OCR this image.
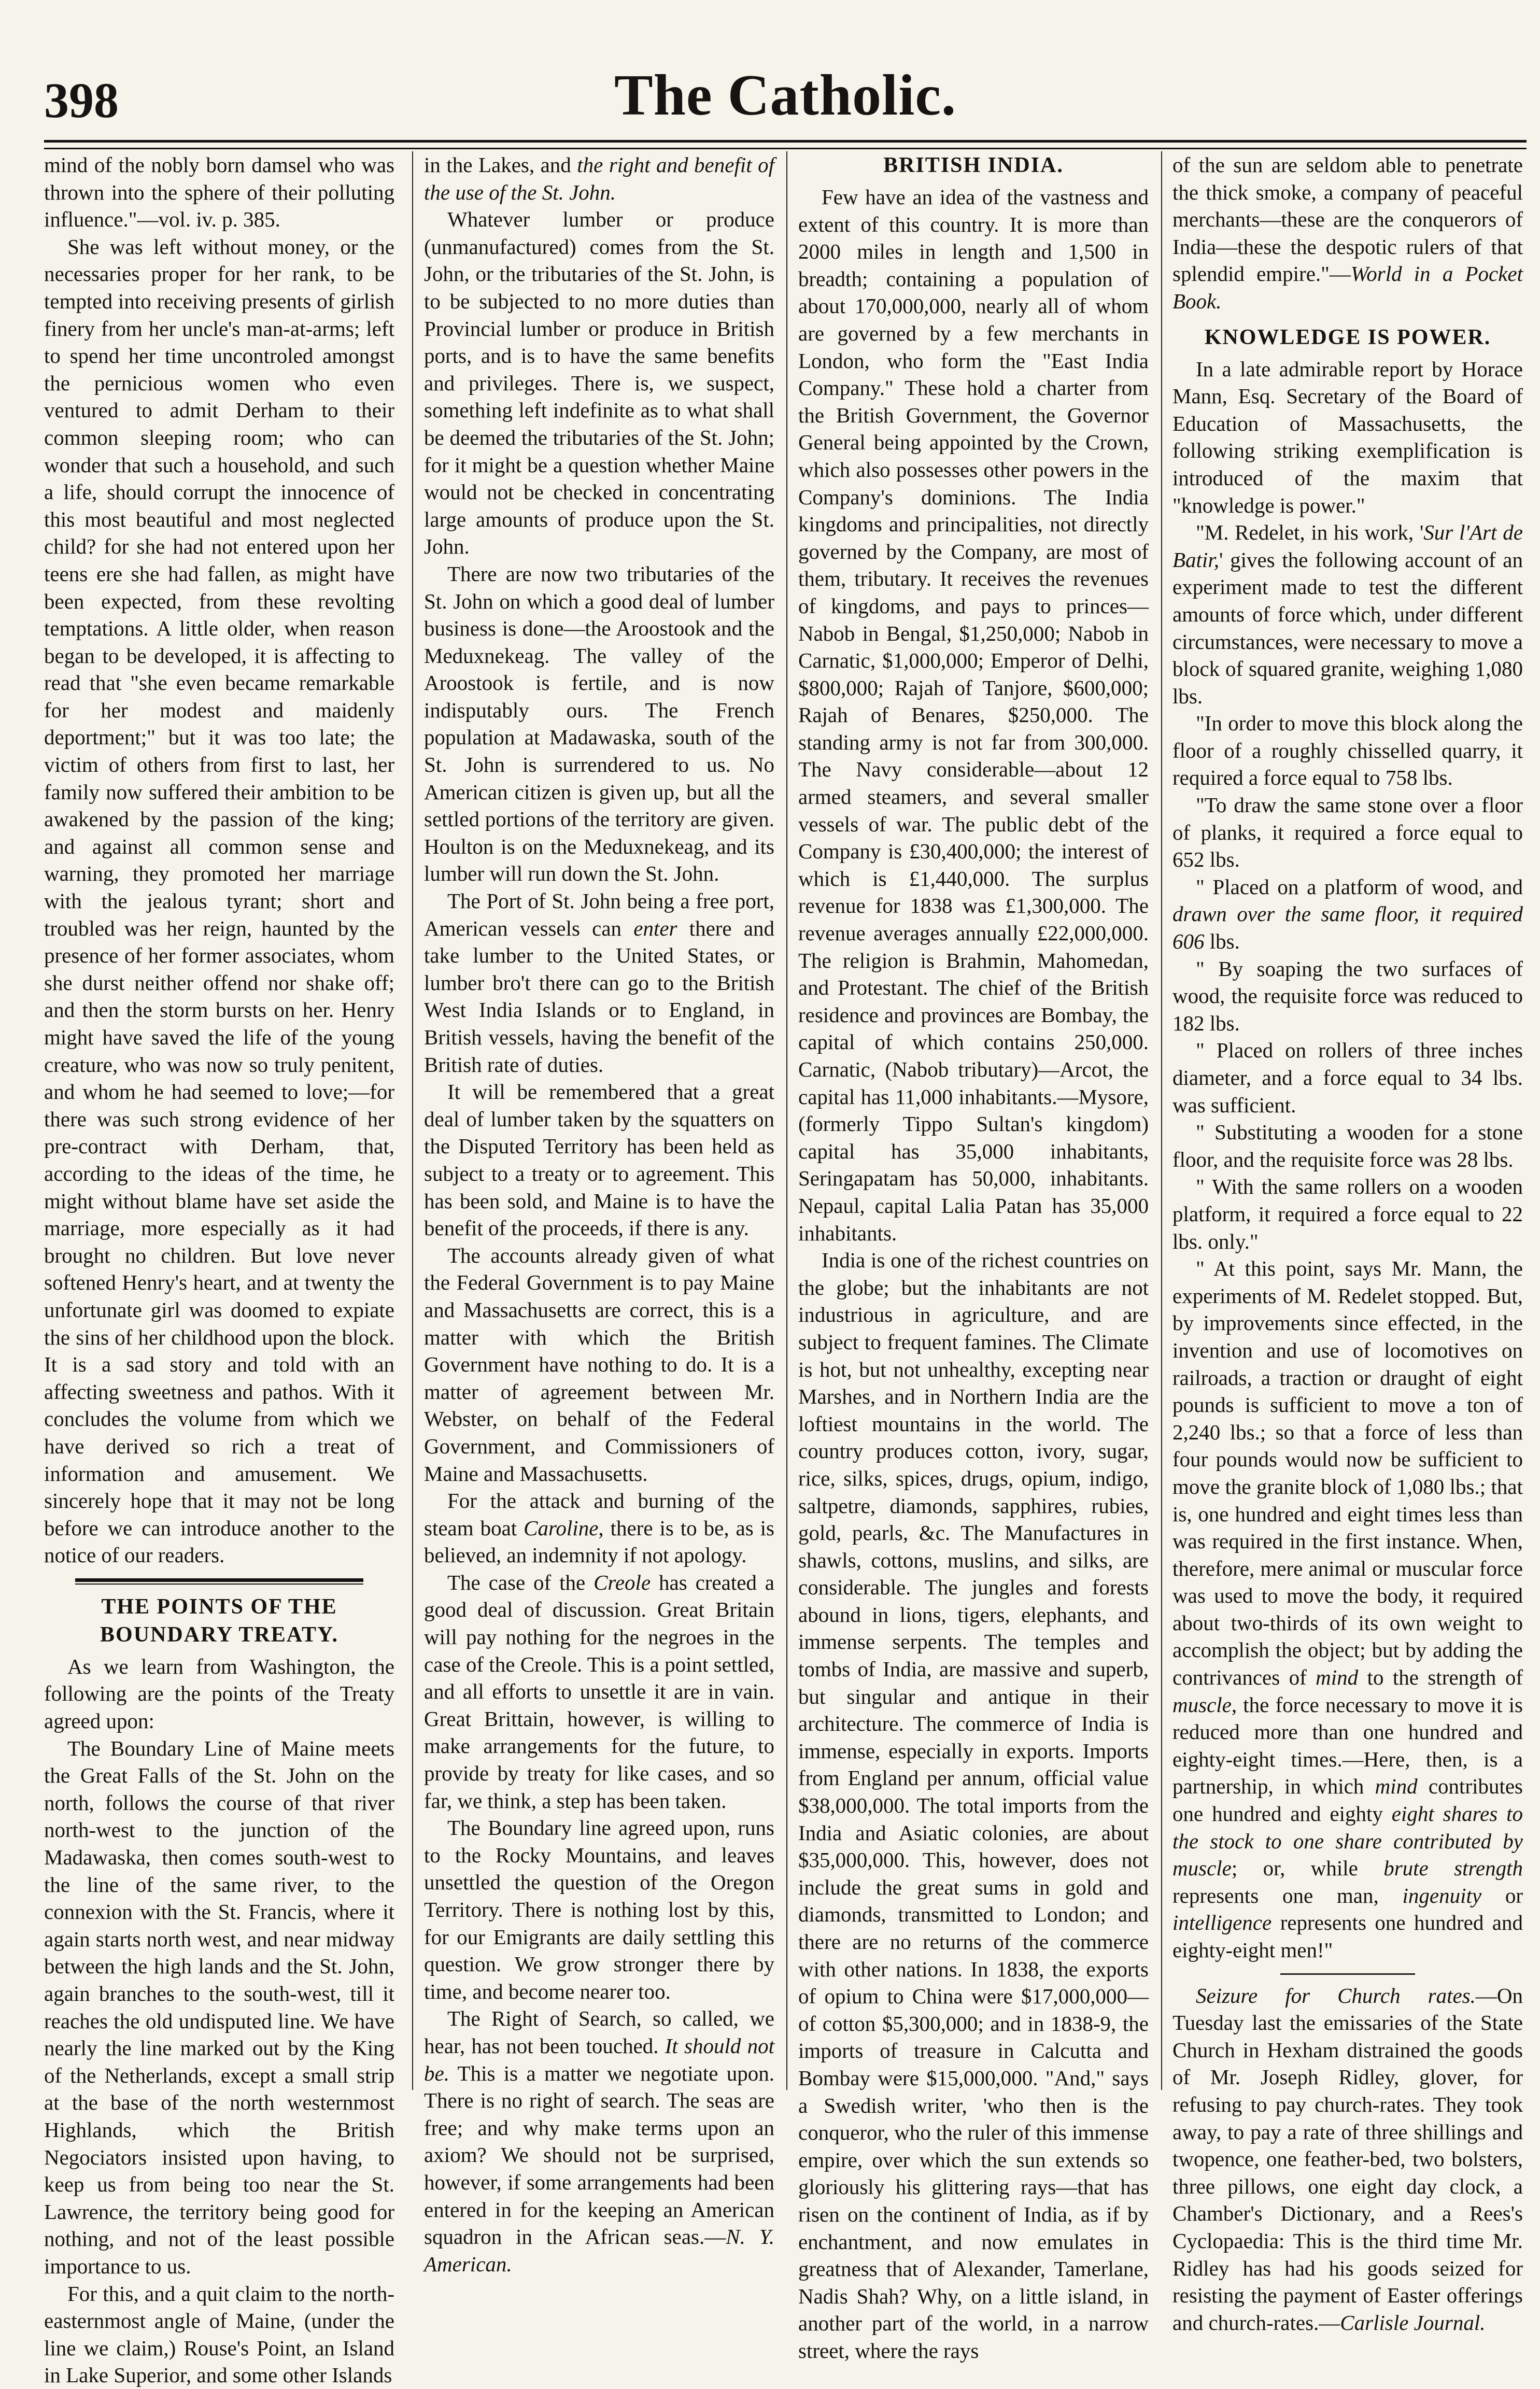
398	The Catholic.

mind of the nobly born damsel who was thrown into the sphere of their polluting influence."—vol. iv. p. 385.

She was left without money, or the necessaries proper for her rank, to be tempted into receiving presents of girlish finery from her uncle's man-at-arms; left to spend her time uncontroled amongst the pernicious women who even ventured to admit Derham to their common sleeping room; who can wonder that such a household, and such a life, should corrupt the innocence of this most beautiful and most neglected child? for she had not entered upon her teens ere she had fallen, as might have been expected, from these revolting temptations. A little older, when reason began to be developed, it is affecting to read that "she even became remarkable for her modest and maidenly deportment;" but it was too late; the victim of others from first to last, her family now suffered their ambition to be awakened by the passion of the king; and against all common sense and warning, they promoted her marriage with the jealous tyrant; short and troubled was her reign, haunted by the presence of her former associates, whom she durst neither offend nor shake off; and then the storm bursts on her. Henry might have saved the life of the young creature, who was now so truly penitent, and whom he had seemed to love;—for there was such strong evidence of her pre-contract with Derham, that, according to the ideas of the time, he might without blame have set aside the marriage, more especially as it had brought no children. But love never softened Henry's heart, and at twenty the unfortunate girl was doomed to expiate the sins of her childhood upon the block. It is a sad story and told with an affecting sweetness and pathos. With it concludes the volume from which we have derived so rich a treat of information and amusement. We sincerely hope that it may not be long before we can introduce another to the notice of our readers.

THE POINTS OF THE BOUNDARY TREATY.

As we learn from Washington, the following are the points of the Treaty agreed upon:

The Boundary Line of Maine meets the Great Falls of the St. John on the north, follows the course of that river north-west to the junction of the Madawaska, then comes south-west to the line of the same river, to the connexion with the St. Francis, where it again starts north west, and near midway between the high lands and the St. John, again branches to the south-west, till it reaches the old undisputed line. We have nearly the line marked out by the King of the Netherlands, except a small strip at the base of the north westernmost Highlands, which the British Negociators insisted upon having, to keep us from being too near the St. Lawrence, the territory being good for nothing, and not of the least possible importance to us.

For this, and a quit claim to the north-easternmost angle of Maine, (under the line we claim,) Rouse's Point, an Island in Lake Superior, and some other Islands

in the Lakes, and the right and benefit of the use of the St. John.

Whatever lumber or produce (unmanufactured) comes from the St. John, or the tributaries of the St. John, is to be subjected to no more duties than Provincial lumber or produce in British ports, and is to have the same benefits and privileges. There is, we suspect, something left indefinite as to what shall be deemed the tributaries of the St. John; for it might be a question whether Maine would not be checked in concentrating large amounts of produce upon the St. John.

There are now two tributaries of the St. John on which a good deal of lumber business is done—the Aroostook and the Meduxnekeag. The valley of the Aroostook is fertile, and is now indisputably ours. The French population at Madawaska, south of the St. John is surrendered to us. No American citizen is given up, but all the settled portions of the territory are given. Houlton is on the Meduxnekeag, and its lumber will run down the St. John.

The Port of St. John being a free port, American vessels can enter there and take lumber to the United States, or lumber bro't there can go to the British West India Islands or to England, in British vessels, having the benefit of the British rate of duties.

It will be remembered that a great deal of lumber taken by the squatters on the Disputed Territory has been held as subject to a treaty or to agreement. This has been sold, and Maine is to have the benefit of the proceeds, if there is any.

The accounts already given of what the Federal Government is to pay Maine and Massachusetts are correct, this is a matter with which the British Government have nothing to do. It is a matter of agreement between Mr. Webster, on behalf of the Federal Government, and Commissioners of Maine and Massachusetts.

For the attack and burning of the steam boat Caroline, there is to be, as is believed, an indemnity if not apology.

The case of the Creole has created a good deal of discussion. Great Britain will pay nothing for the negroes in the case of the Creole. This is a point settled, and all efforts to unsettle it are in vain. Great Brittain, however, is willing to make arrangements for the future, to provide by treaty for like cases, and so far, we think, a step has been taken.

The Boundary line agreed upon, runs to the Rocky Mountains, and leaves unsettled the question of the Oregon Territory. There is nothing lost by this, for our Emigrants are daily settling this question. We grow stronger there by time, and become nearer too.

The Right of Search, so called, we hear, has not been touched. It should not be. This is a matter we negotiate upon. There is no right of search. The seas are free; and why make terms upon an axiom? We should not be surprised, however, if some arrangements had been entered in for the keeping an American squadron in the African seas.—N. Y. American.

BRITISH INDIA.

Few have an idea of the vastness and extent of this country. It is more than 2000 miles in length and 1,500 in breadth; containing a population of about 170,000,000, nearly all of whom are governed by a few merchants in London, who form the "East India Company." These hold a charter from the British Government, the Governor General being appointed by the Crown, which also possesses other powers in the Company's dominions. The India kingdoms and principalities, not directly governed by the Company, are most of them, tributary. It receives the revenues of kingdoms, and pays to princes—Nabob in Bengal, $1,250,000; Nabob in Carnatic, $1,000,000; Emperor of Delhi, $800,000; Rajah of Tanjore, $600,000; Rajah of Benares, $250,000. The standing army is not far from 300,000. The Navy considerable—about 12 armed steamers, and several smaller vessels of war. The public debt of the Company is £30,400,000; the interest of which is £1,440,000. The surplus revenue for 1838 was £1,300,000. The revenue averages annually £22,000,000. The religion is Brahmin, Mahomedan, and Protestant. The chief of the British residence and provinces are Bombay, the capital of which contains 250,000. Carnatic, (Nabob tributary)—Arcot, the capital has 11,000 inhabitants.—Mysore, (formerly Tippo Sultan's kingdom) capital has 35,000 inhabitants, Seringapatam has 50,000, inhabitants. Nepaul, capital Lalia Patan has 35,000 inhabitants.

India is one of the richest countries on the globe; but the inhabitants are not industrious in agriculture, and are subject to frequent famines. The Climate is hot, but not unhealthy, excepting near Marshes, and in Northern India are the loftiest mountains in the world. The country produces cotton, ivory, sugar, rice, silks, spices, drugs, opium, indigo, saltpetre, diamonds, sapphires, rubies, gold, pearls, &c. The Manufactures in shawls, cottons, muslins, and silks, are considerable. The jungles and forests abound in lions, tigers, elephants, and immense serpents. The temples and tombs of India, are massive and superb, but singular and antique in their architecture. The commerce of India is immense, especially in exports. Imports from England per annum, official value $38,000,000. The total imports from the India and Asiatic colonies, are about $35,000,000. This, however, does not include the great sums in gold and diamonds, transmitted to London; and there are no returns of the commerce with other nations. In 1838, the exports of opium to China were $17,000,000—of cotton $5,300,000; and in 1838-9, the imports of treasure in Calcutta and Bombay were $15,000,000. "And," says a Swedish writer, 'who then is the conqueror, who the ruler of this immense empire, over which the sun extends so gloriously his glittering rays—that has risen on the continent of India, as if by enchantment, and now emulates in greatness that of Alexander, Tamerlane, Nadis Shah? Why, on a little island, in another part of the world, in a narrow street, where the rays

of the sun are seldom able to penetrate the thick smoke, a company of peaceful merchants—these are the conquerors of India—these the despotic rulers of that splendid empire."—World in a Pocket Book.

KNOWLEDGE IS POWER.

In a late admirable report by Horace Mann, Esq. Secretary of the Board of Education of Massachusetts, the following striking exemplification is introduced of the maxim that "knowledge is power."

"M. Redelet, in his work, 'Sur l'Art de Batir,' gives the following account of an experiment made to test the different amounts of force which, under different circumstances, were necessary to move a block of squared granite, weighing 1,080 lbs.

"In order to move this block along the floor of a roughly chisselled quarry, it required a force equal to 758 lbs.

"To draw the same stone over a floor of planks, it required a force equal to 652 lbs.

" Placed on a platform of wood, and drawn over the same floor, it required 606 lbs.

" By soaping the two surfaces of wood, the requisite force was reduced to 182 lbs.

" Placed on rollers of three inches diameter, and a force equal to 34 lbs. was sufficient.

" Substituting a wooden for a stone floor, and the requisite force was 28 lbs.

" With the same rollers on a wooden platform, it required a force equal to 22 lbs. only."

" At this point, says Mr. Mann, the experiments of M. Redelet stopped. But, by improvements since effected, in the invention and use of locomotives on railroads, a traction or draught of eight pounds is sufficient to move a ton of 2,240 lbs.; so that a force of less than four pounds would now be sufficient to move the granite block of 1,080 lbs.; that is, one hundred and eight times less than was required in the first instance. When, therefore, mere animal or muscular force was used to move the body, it required about two-thirds of its own weight to accomplish the object; but by adding the contrivances of mind to the strength of muscle, the force necessary to move it is reduced more than one hundred and eighty-eight times.—Here, then, is a partnership, in which mind contributes one hundred and eighty eight shares to the stock to one share contributed by muscle; or, while brute strength represents one man, ingenuity or intelligence represents one hundred and eighty-eight men!"

Seizure for Church rates.—On Tuesday last the emissaries of the State Church in Hexham distrained the goods of Mr. Joseph Ridley, glover, for refusing to pay church-rates. They took away, to pay a rate of three shillings and twopence, one feather-bed, two bolsters, three pillows, one eight day clock, a Chamber's Dictionary, and a Rees's Cyclopaedia: This is the third time Mr. Ridley has had his goods seized for resisting the payment of Easter offerings and church-rates.—Carlisle Journal.
